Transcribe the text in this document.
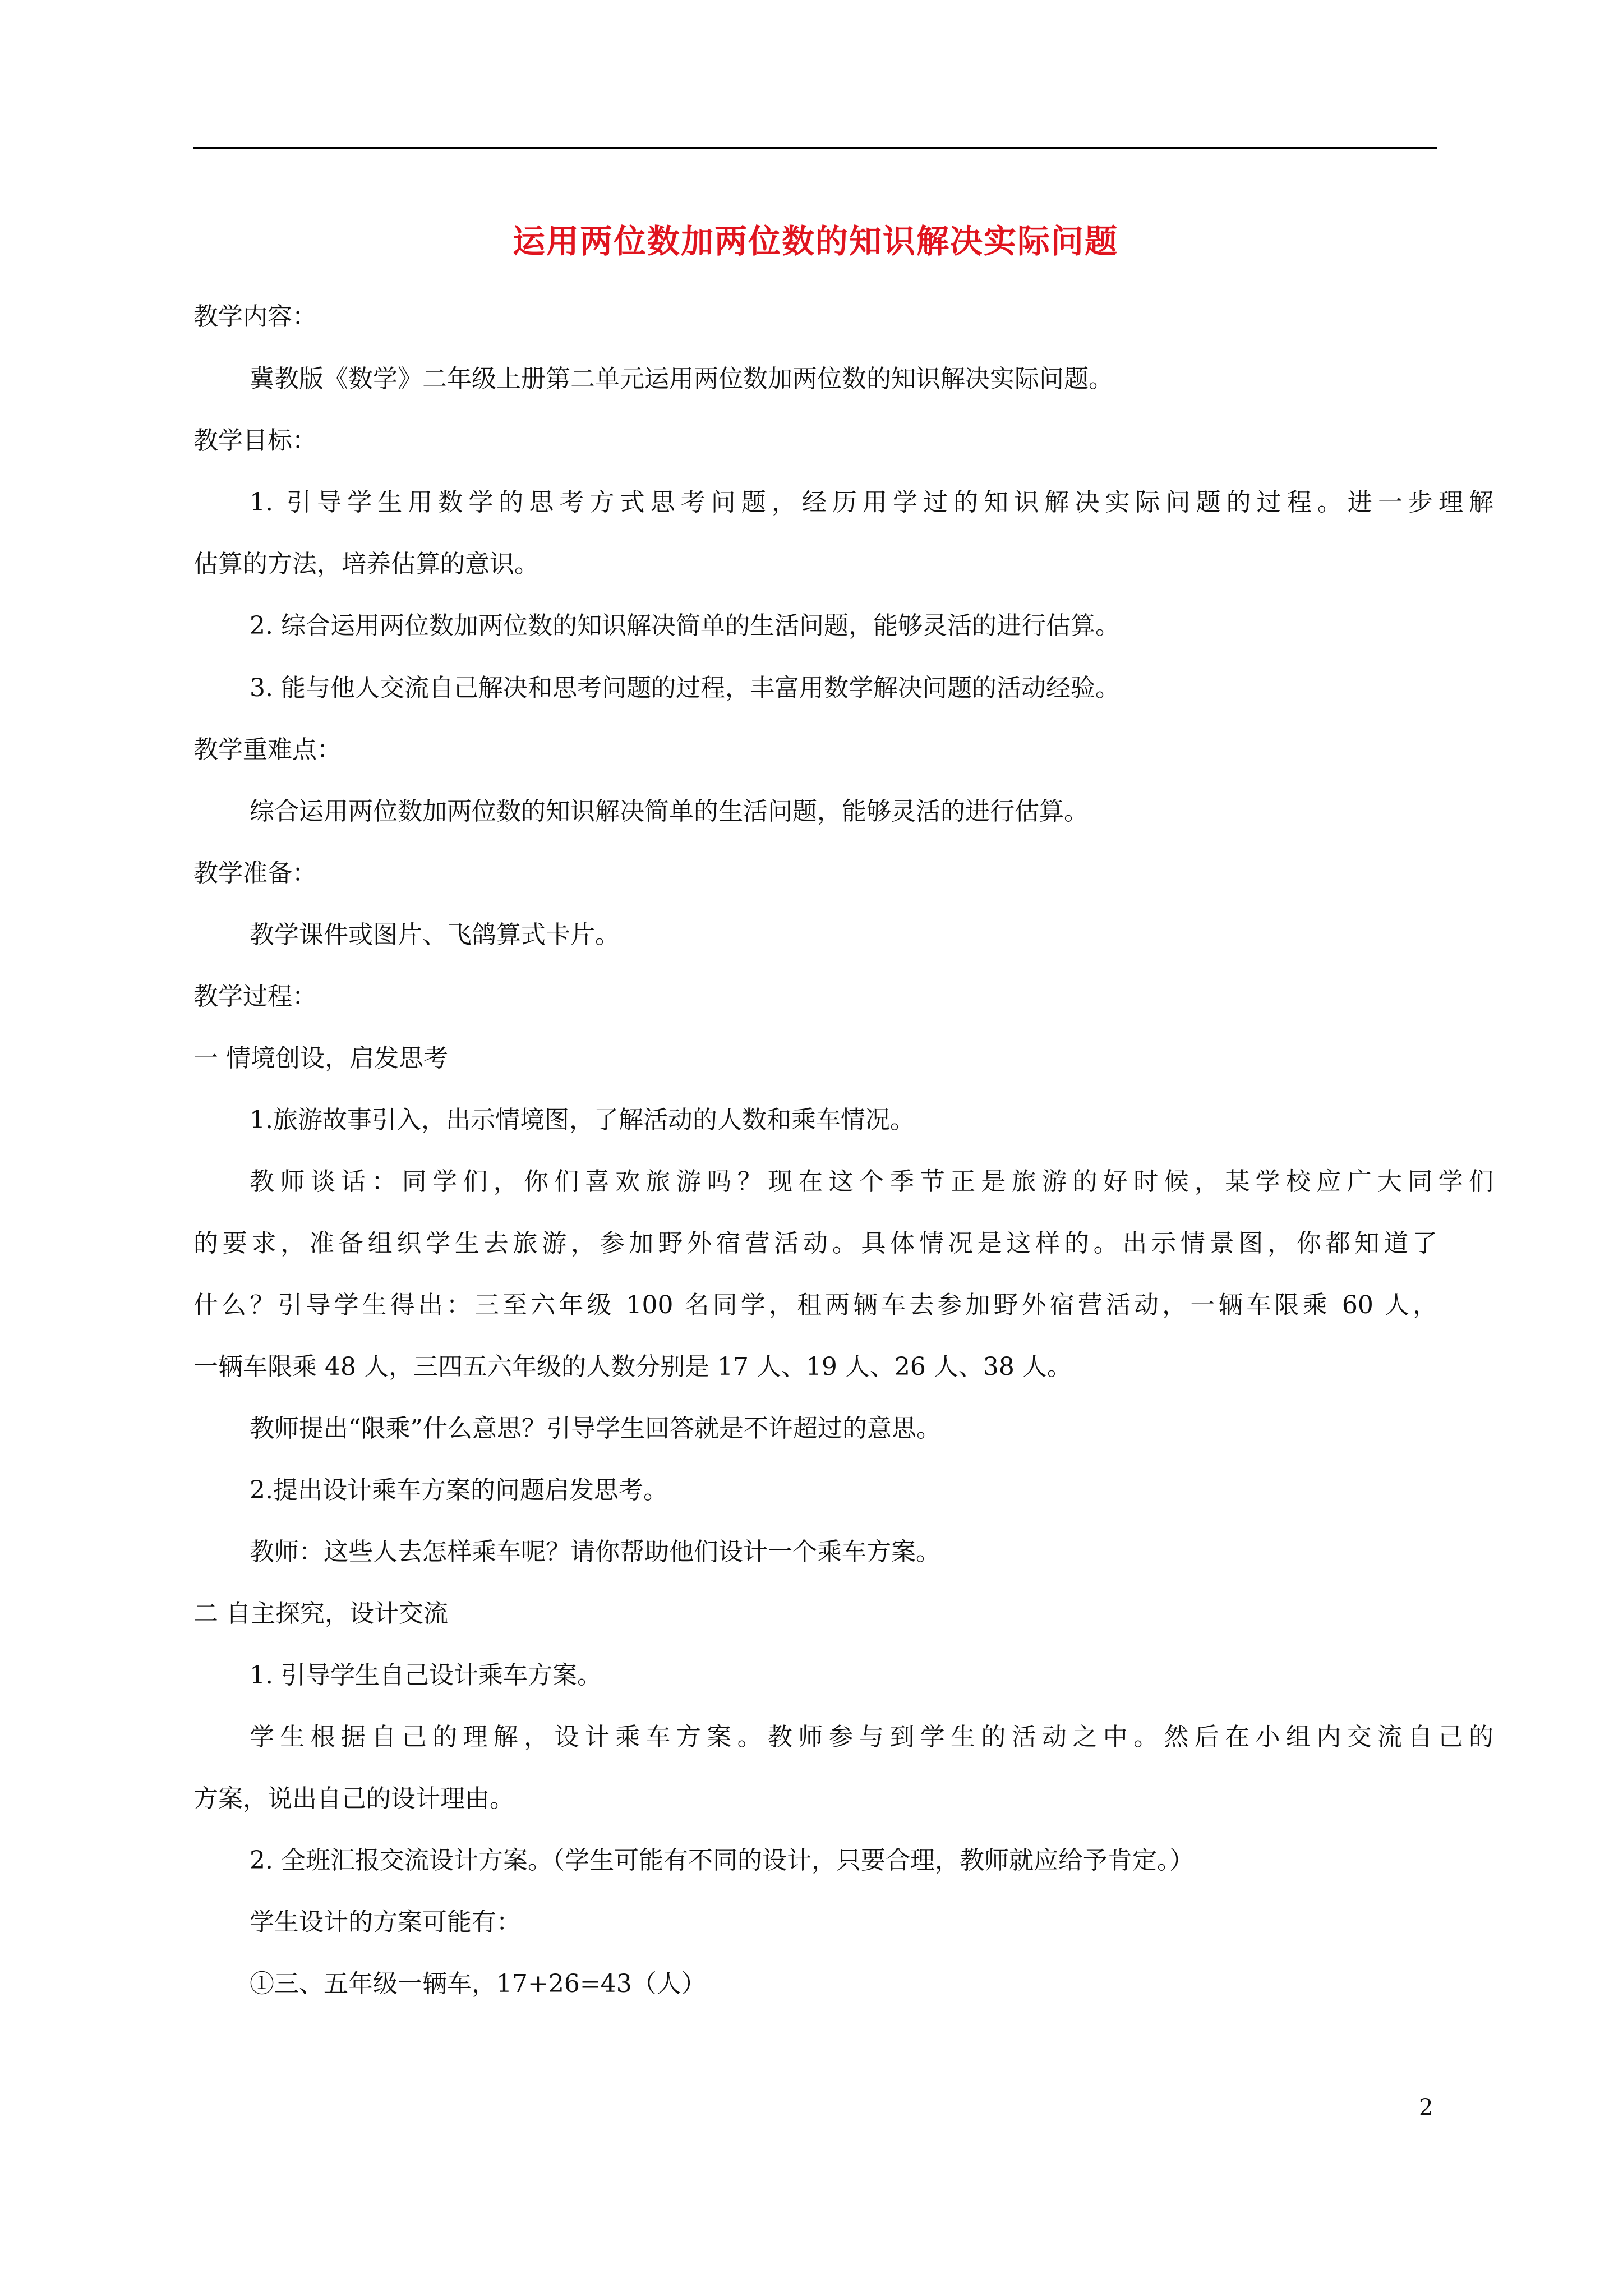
运用两位数加两位数的知识解决实际问题
教学内容：
冀教版《数学》二年级上册第二单元运用两位数加两位数的知识解决实际问题。
教学目标：
1. 引导学生用数学的思考方式思考问题，经历用学过的知识解决实际问题的过程。进一步理解
估算的方法，培养估算的意识。
2. 综合运用两位数加两位数的知识解决简单的生活问题，能够灵活的进行估算。
3. 能与他人交流自己解决和思考问题的过程，丰富用数学解决问题的活动经验。
教学重难点：
综合运用两位数加两位数的知识解决简单的生活问题，能够灵活的进行估算。
教学准备：
教学课件或图片、飞鸽算式卡片。
教学过程：
一 情境创设，启发思考
1.旅游故事引入，出示情境图，了解活动的人数和乘车情况。
教师谈话：同学们，你们喜欢旅游吗？现在这个季节正是旅游的好时候，某学校应广大同学们
的要求，准备组织学生去旅游，参加野外宿营活动。具体情况是这样的。出示情景图，你都知道了
什么？引导学生得出：三至六年级 100 名同学，租两辆车去参加野外宿营活动，一辆车限乘 60 人，
一辆车限乘 48 人，三四五六年级的人数分别是 17 人、19 人、26 人、38 人。
教师提出“限乘”什么意思？引导学生回答就是不许超过的意思。
2.提出设计乘车方案的问题启发思考。
教师：这些人去怎样乘车呢？请你帮助他们设计一个乘车方案。
二 自主探究，设计交流
1. 引导学生自己设计乘车方案。
学生根据自己的理解，设计乘车方案。教师参与到学生的活动之中。然后在小组内交流自己的
方案，说出自己的设计理由。
2. 全班汇报交流设计方案。（学生可能有不同的设计，只要合理，教师就应给予肯定。）
学生设计的方案可能有：
①三、五年级一辆车，17+26=43（人）
2
